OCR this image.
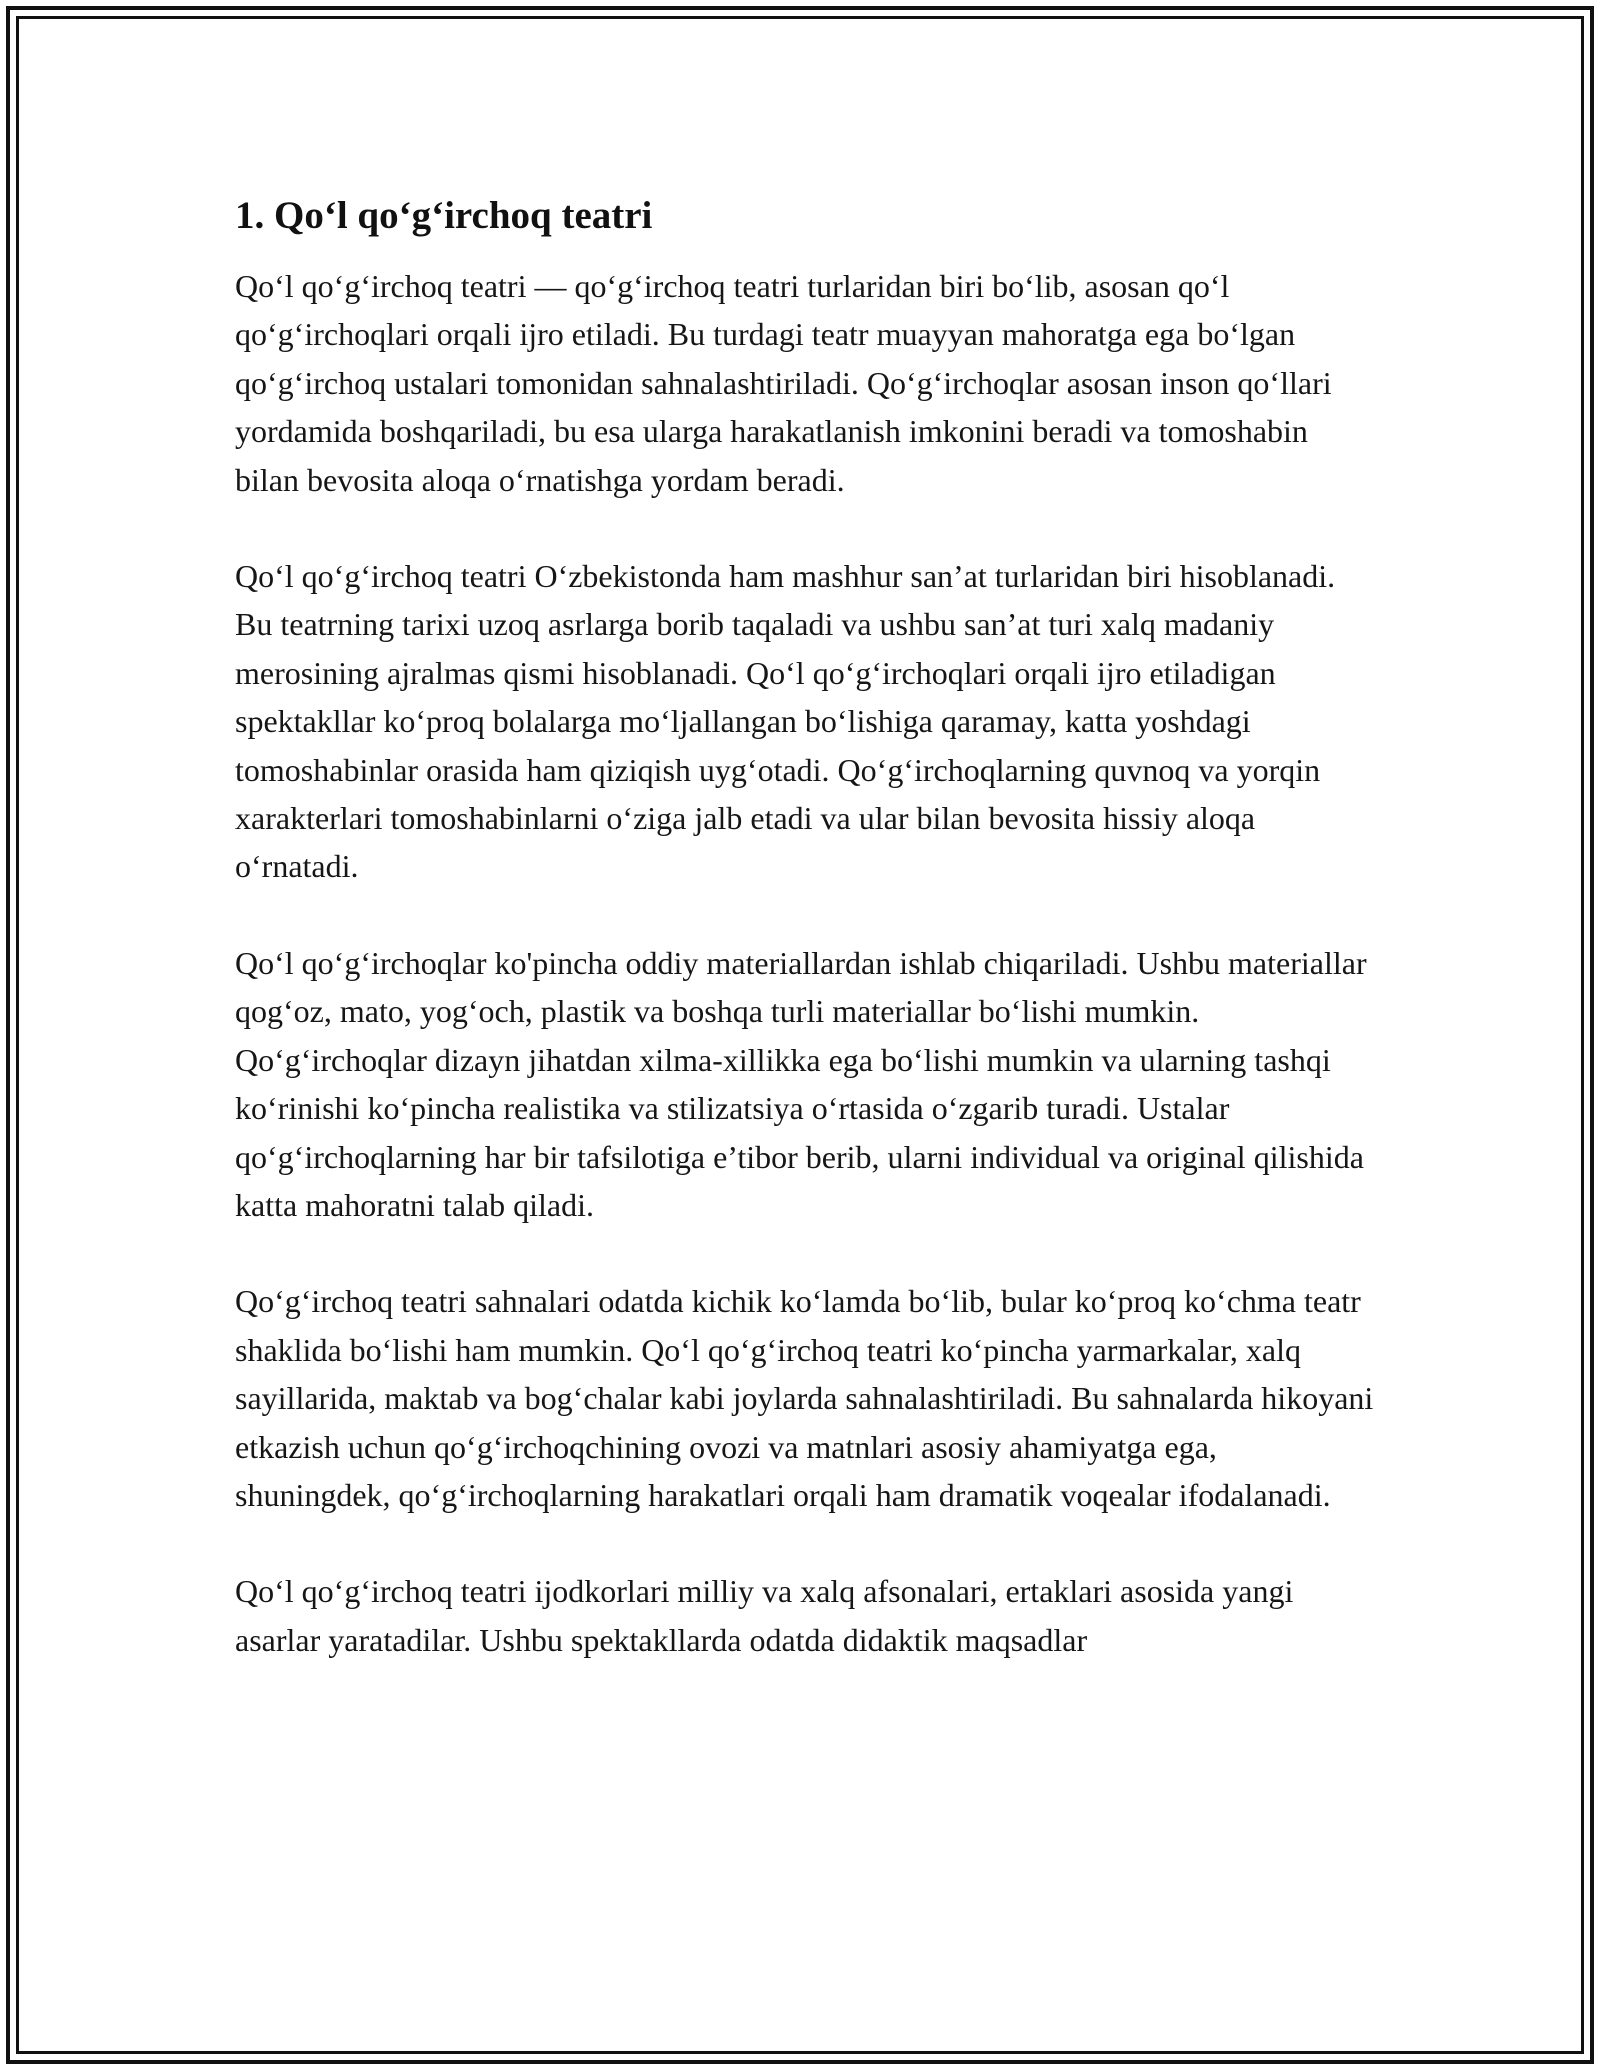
1. Qoʻl qoʻgʻirchoq teatri

Qoʻl qoʻgʻirchoq teatri — qoʻgʻirchoq teatri turlaridan biri boʻlib, asosan qoʻl qoʻgʻirchoqlari orqali ijro etiladi. Bu turdagi teatr muayyan mahoratga ega boʻlgan qoʻgʻirchoq ustalari tomonidan sahnalashtiriladi. Qoʻgʻirchoqlar asosan inson qoʻllari yordamida boshqariladi, bu esa ularga harakatlanish imkonini beradi va tomoshabin bilan bevosita aloqa oʻrnatishga yordam beradi.

Qoʻl qoʻgʻirchoq teatri Oʻzbekistonda ham mashhur san’at turlaridan biri hisoblanadi. Bu teatrning tarixi uzoq asrlarga borib taqaladi va ushbu san’at turi xalq madaniy merosining ajralmas qismi hisoblanadi. Qoʻl qoʻgʻirchoqlari orqali ijro etiladigan spektakllar koʻproq bolalarga moʻljallangan boʻlishiga qaramay, katta yoshdagi tomoshabinlar orasida ham qiziqish uygʻotadi. Qoʻgʻirchoqlarning quvnoq va yorqin xarakterlari tomoshabinlarni oʻziga jalb etadi va ular bilan bevosita hissiy aloqa oʻrnatadi.

Qoʻl qoʻgʻirchoqlar ko'pincha oddiy materiallardan ishlab chiqariladi. Ushbu materiallar qogʻoz, mato, yogʻoch, plastik va boshqa turli materiallar boʻlishi mumkin. Qoʻgʻirchoqlar dizayn jihatdan xilma-xillikka ega boʻlishi mumkin va ularning tashqi koʻrinishi koʻpincha realistika va stilizatsiya oʻrtasida oʻzgarib turadi. Ustalar qoʻgʻirchoqlarning har bir tafsilotiga e’tibor berib, ularni individual va original qilishida katta mahoratni talab qiladi.

Qoʻgʻirchoq teatri sahnalari odatda kichik koʻlamda boʻlib, bular koʻproq koʻchma teatr shaklida boʻlishi ham mumkin. Qoʻl qoʻgʻirchoq teatri koʻpincha yarmarkalar, xalq sayillarida, maktab va bogʻchalar kabi joylarda sahnalashtiriladi. Bu sahnalarda hikoyani etkazish uchun qoʻgʻirchoqchining ovozi va matnlari asosiy ahamiyatga ega, shuningdek, qoʻgʻirchoqlarning harakatlari orqali ham dramatik voqealar ifodalanadi.

Qoʻl qoʻgʻirchoq teatri ijodkorlari milliy va xalq afsonalari, ertaklari asosida yangi asarlar yaratadilar. Ushbu spektakllarda odatda didaktik maqsadlar
